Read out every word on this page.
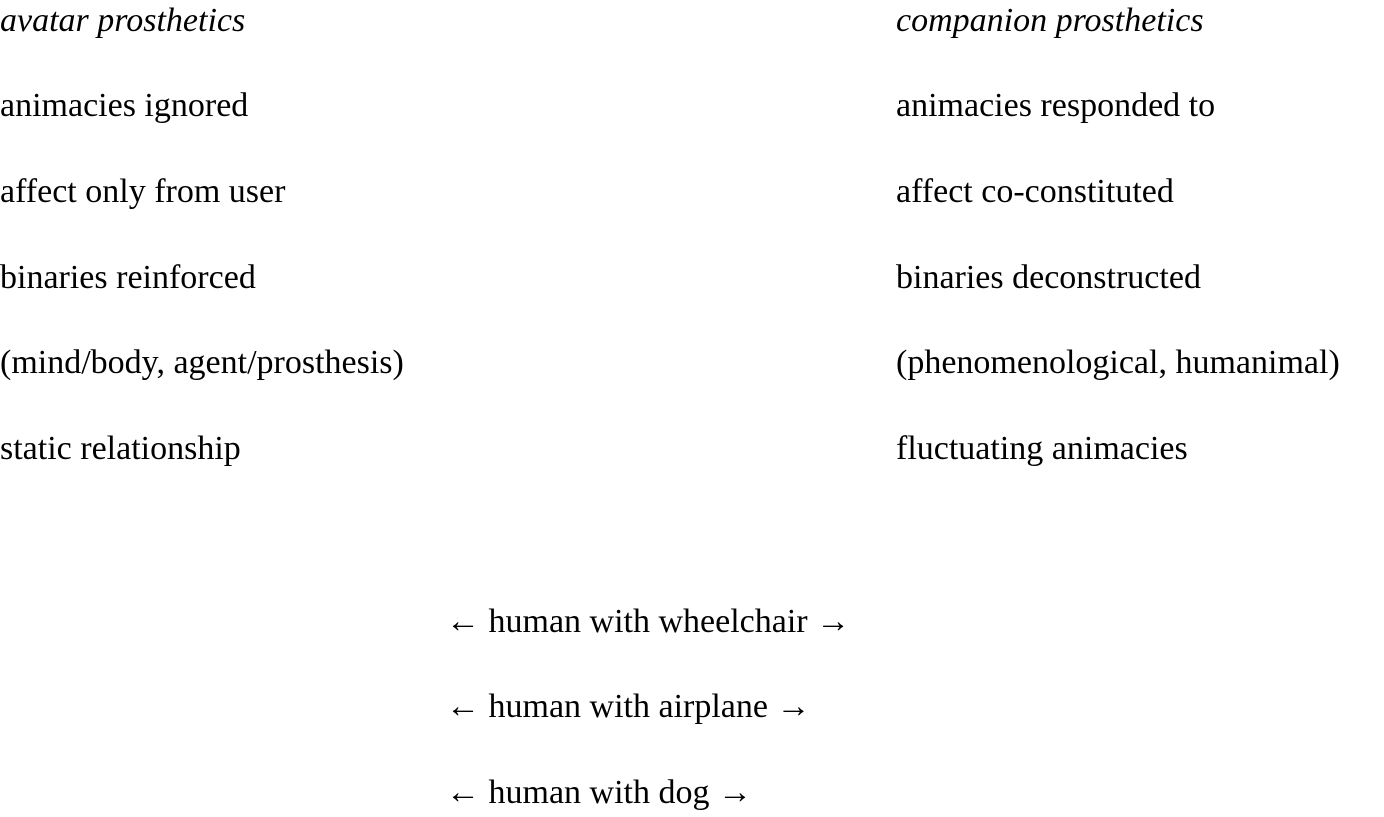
avatar prosthetics
animacies ignored
affect only from user
binaries reinforced
(mind/body, agent/prosthesis)
static relationship
companion prosthetics
animacies responded to
affect co-constituted
binaries deconstructed
(phenomenological, humanimal)
fluctuating animacies
← human with wheelchair →
← human with airplane →
← human with dog →
